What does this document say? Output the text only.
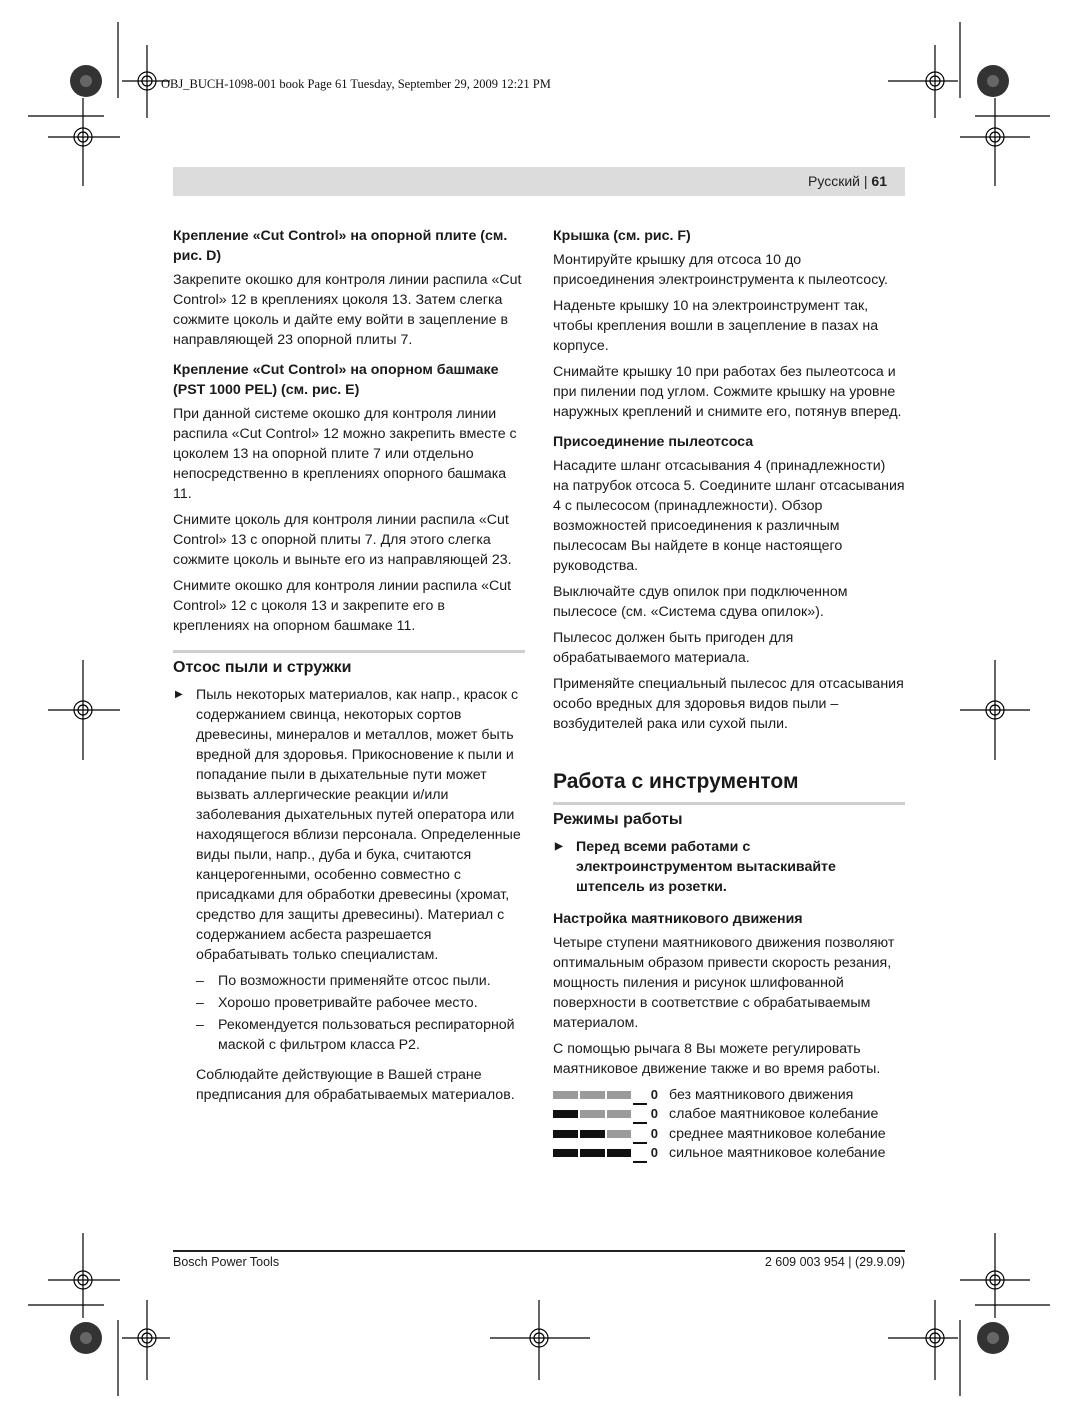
OBJ_BUCH-1098-001 book Page 61 Tuesday, September 29, 2009 12:21 PM
Русский | 61
Крепление «Cut Control» на опорной плите (см. рис. D)

Закрепите окошко для контроля линии распила «Cut Control» 12 в креплениях цоколя 13. Затем слегка сожмите цоколь и дайте ему войти в зацепление в направляющей 23 опорной плиты 7.

Крепление «Cut Control» на опорном башмаке (PST 1000 PEL) (см. рис. E)

При данной системе окошко для контроля линии распила «Cut Control» 12 можно закрепить вместе с цоколем 13 на опорной плите 7 или отдельно непосредственно в креплениях опорного башмака 11.

Снимите цоколь для контроля линии распила «Cut Control» 13 с опорной плиты 7. Для этого слегка сожмите цоколь и выньте его из направляющей 23.

Снимите окошко для контроля линии распила «Cut Control» 12 с цоколя 13 и закрепите его в креплениях на опорном башмаке 11.

Отсос пыли и стружки
▶ Пыль некоторых материалов, как напр., красок с содержанием свинца, некоторых сортов древесины, минералов и металлов, может быть вредной для здоровья. Прикосновение к пыли и попадание пыли в дыхательные пути может вызвать аллергические реакции и/или заболевания дыхательных путей оператора или находящегося вблизи персонала. Определенные виды пыли, напр., дуба и бука, считаются канцерогенными, особенно совместно с присадками для обработки древесины (хромат, средство для защиты древесины). Материал с содержанием асбеста разрешается обрабатывать только специалистам.
– По возможности применяйте отсос пыли.
– Хорошо проветривайте рабочее место.
– Рекомендуется пользоваться респираторной маской с фильтром класса Р2.

Соблюдайте действующие в Вашей стране предписания для обрабатываемых материалов.

Крышка (см. рис. F)

Монтируйте крышку для отсоса 10 до присоединения электроинструмента к пылеотсосу.

Наденьте крышку 10 на электроинструмент так, чтобы крепления вошли в зацепление в пазах на корпусе.

Снимайте крышку 10 при работах без пылеотсоса и при пилении под углом. Сожмите крышку на уровне наружных креплений и снимите его, потянув вперед.

Присоединение пылеотсоса

Насадите шланг отсасывания 4 (принадлежности) на патрубок отсоса 5. Соедините шланг отсасывания 4 с пылесосом (принадлежности). Обзор возможностей присоединения к различным пылесосам Вы найдете в конце настоящего руководства.

Выключайте сдув опилок при подключенном пылесосе (см. «Система сдува опилок»).

Пылесос должен быть пригоден для обрабатываемого материала.

Применяйте специальный пылесос для отсасывания особо вредных для здоровья видов пыли – возбудителей рака или сухой пыли.

Работа с инструментом
Режимы работы
▶ Перед всеми работами с электроинструментом вытаскивайте штепсель из розетки.
Настройка маятникового движения

Четыре ступени маятникового движения позволяют оптимальным образом привести скорость резания, мощность пиления и рисунок шлифованной поверхности в соответствие с обрабатываемым материалом.

С помощью рычага 8 Вы можете регулировать маятниковое движение также и во время работы.

0 без маятникового движения
0 слабое маятниковое колебание
0 среднее маятниковое колебание
0 сильное маятниковое колебание
Bosch Power Tools	2 609 003 954 | (29.9.09)
